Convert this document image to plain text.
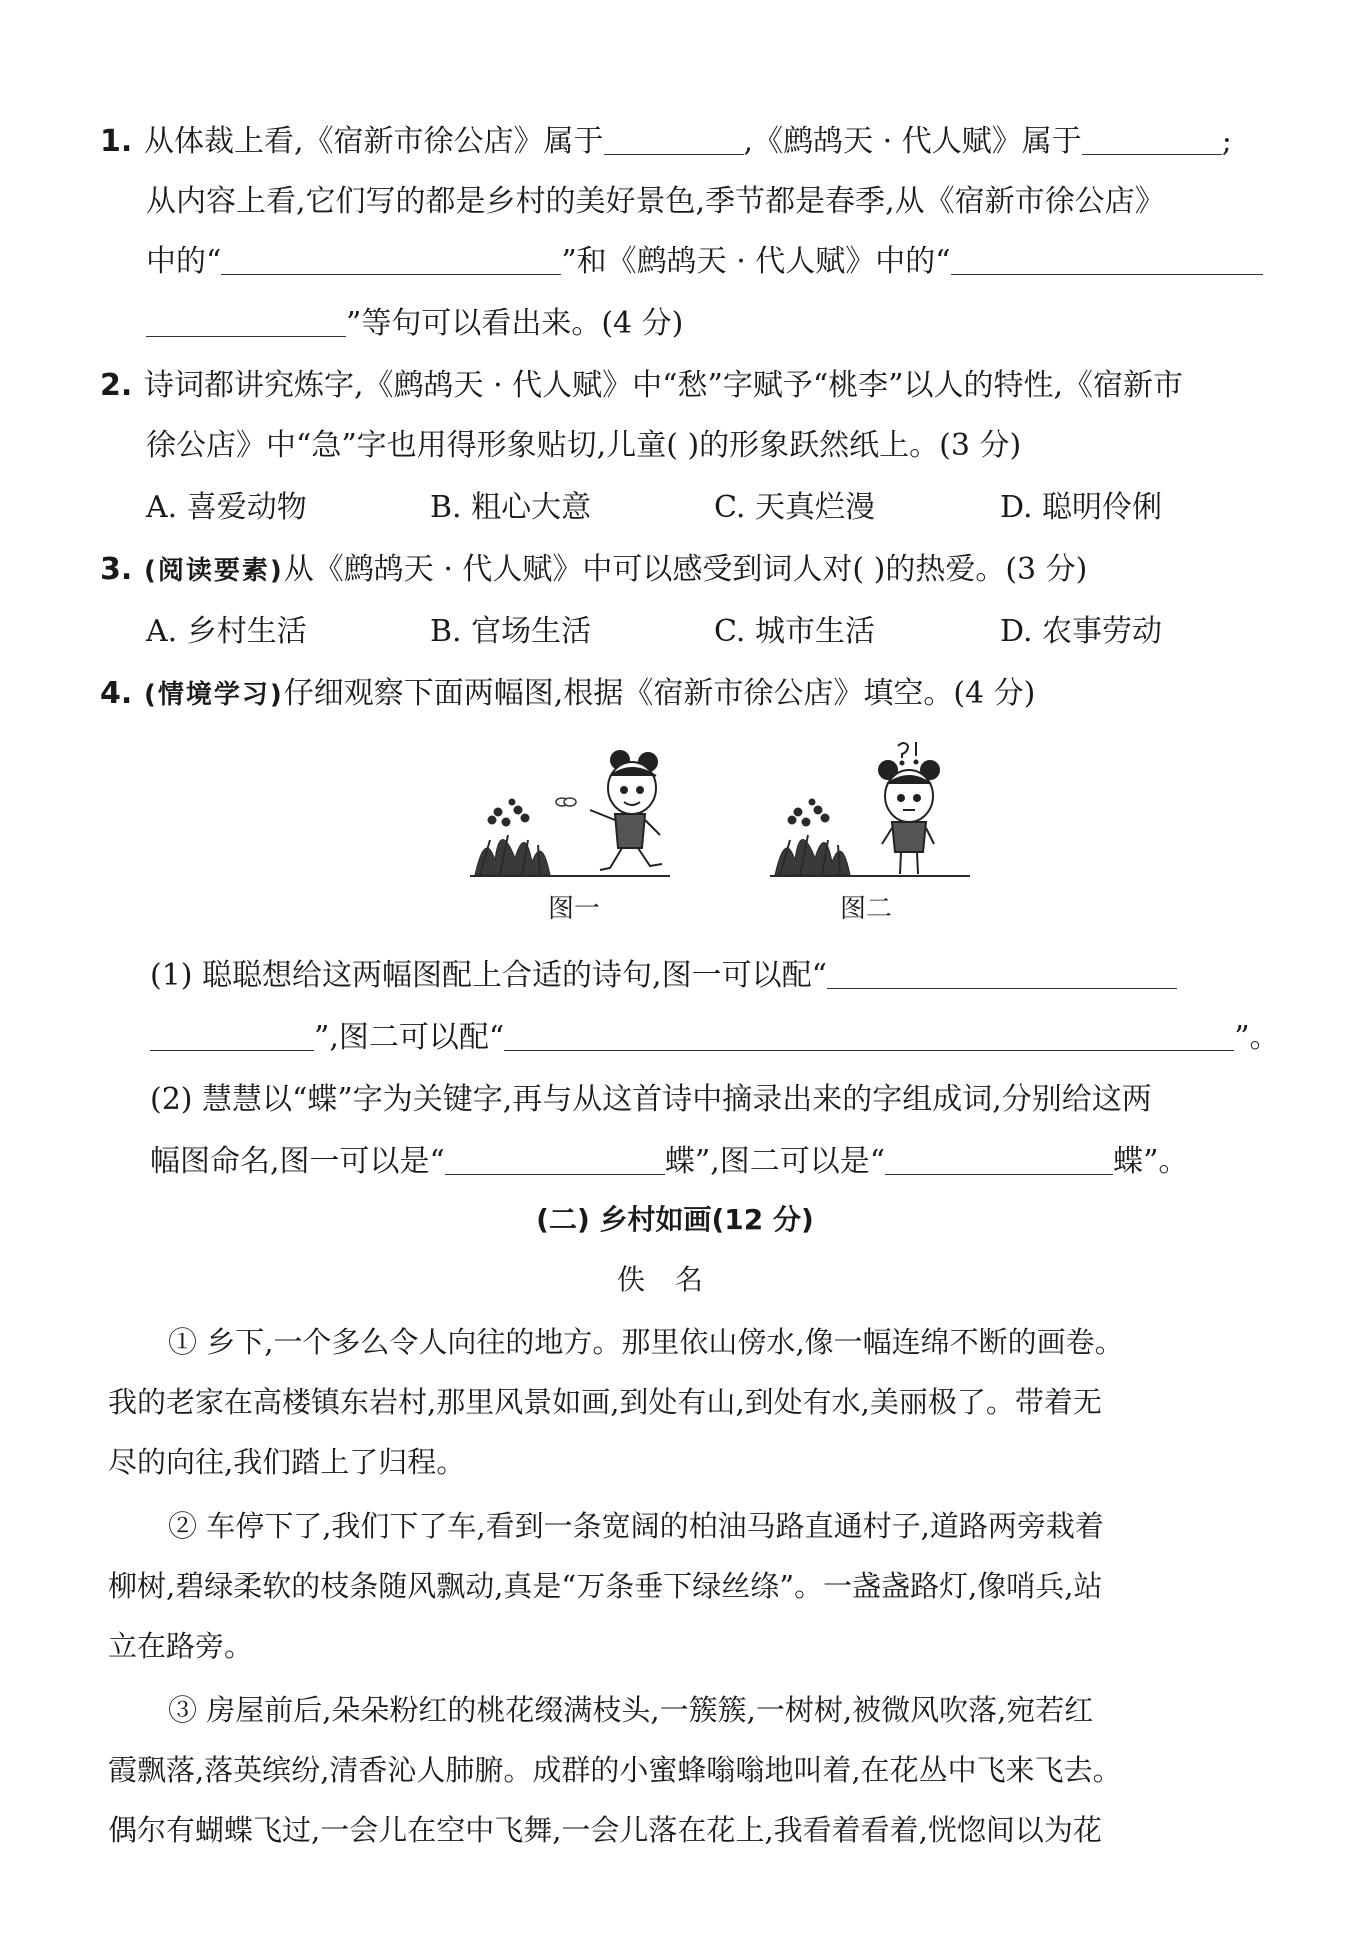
1. 从体裁上看,《宿新市徐公店》属于	,《鹧鸪天 · 代人赋》属于	;
从内容上看,它们写的都是乡村的美好景色,季节都是春季,从《宿新市徐公店》
中的“	”和《鹧鸪天 · 代人赋》中的“
”等句可以看出来。(4 分)
2. 诗词都讲究炼字,《鹧鸪天 · 代人赋》中“愁”字赋予“桃李”以人的特性,《宿新市
徐公店》中“急”字也用得形象贴切,儿童( )的形象跃然纸上。(3 分)
A. 喜爱动物	B. 粗心大意	C. 天真烂漫	D. 聪明伶俐
3. (阅读要素)从《鹧鸪天 · 代人赋》中可以感受到词人对( )的热爱。(3 分)
A. 乡村生活	B. 官场生活	C. 城市生活	D. 农事劳动
4. (情境学习)仔细观察下面两幅图,根据《宿新市徐公店》填空。(4 分)
图一	图二
(1) 聪聪想给这两幅图配上合适的诗句,图一可以配“
”,图二可以配“	”。
(2) 慧慧以“蝶”字为关键字,再与从这首诗中摘录出来的字组成词,分别给这两
幅图命名,图一可以是“	蝶”,图二可以是“	蝶”。
(二) 乡村如画(12 分)
佚名
① 乡下,一个多么令人向往的地方。那里依山傍水,像一幅连绵不断的画卷。
我的老家在高楼镇东岩村,那里风景如画,到处有山,到处有水,美丽极了。带着无
尽的向往,我们踏上了归程。
② 车停下了,我们下了车,看到一条宽阔的柏油马路直通村子,道路两旁栽着
柳树,碧绿柔软的枝条随风飘动,真是“万条垂下绿丝绦”。一盏盏路灯,像哨兵,站
立在路旁。
③ 房屋前后,朵朵粉红的桃花缀满枝头,一簇簇,一树树,被微风吹落,宛若红
霞飘落,落英缤纷,清香沁人肺腑。成群的小蜜蜂嗡嗡地叫着,在花丛中飞来飞去。
偶尔有蝴蝶飞过,一会儿在空中飞舞,一会儿落在花上,我看着看着,恍惚间以为花
